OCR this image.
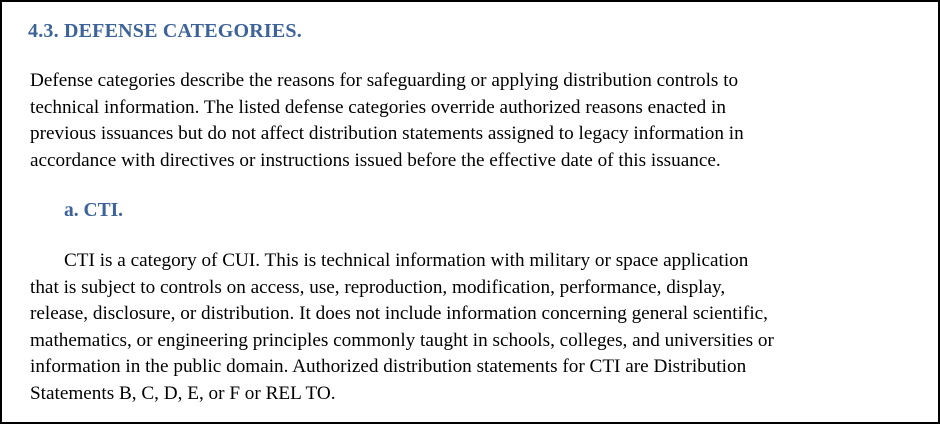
4.3. DEFENSE CATEGORIES.
Defense categories describe the reasons for safeguarding or applying distribution controls to
technical information. The listed defense categories override authorized reasons enacted in
previous issuances but do not affect distribution statements assigned to legacy information in
accordance with directives or instructions issued before the effective date of this issuance.
a. CTI.
CTI is a category of CUI. This is technical information with military or space application
that is subject to controls on access, use, reproduction, modification, performance, display,
release, disclosure, or distribution. It does not include information concerning general scientific,
mathematics, or engineering principles commonly taught in schools, colleges, and universities or
information in the public domain. Authorized distribution statements for CTI are Distribution
Statements B, C, D, E, or F or REL TO.
